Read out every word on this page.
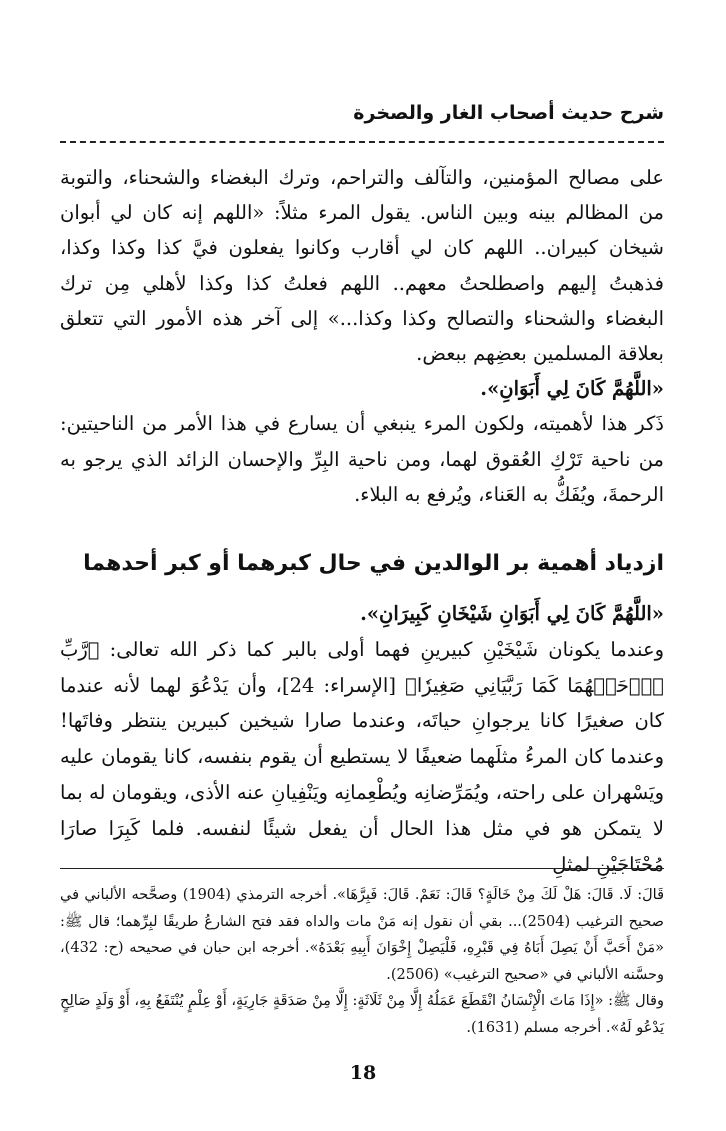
شرح حديث أصحاب الغار والصخرة

على مصالح المؤمنين، والتآلف والتراحم، وترك البغضاء والشحناء، والتوبة من المظالم بينه وبين الناس. يقول المرء مثلاً: «اللهم إنه كان لي أبوان شيخان كبيران.. اللهم كان لي أقارب وكانوا يفعلون فيَّ كذا وكذا وكذا، فذهبتُ إليهم واصطلحتُ معهم.. اللهم فعلتُ كذا وكذا لأهلي مِن ترك البغضاء والشحناء والتصالح وكذا وكذا...» إلى آخر هذه الأمور التي تتعلق بعلاقة المسلمين بعضِهم ببعض.

«اللَّهُمَّ كَانَ لِي أَبَوَانِ».

ذَكر هذا لأهميته، ولكون المرء ينبغي أن يسارع في هذا الأمر من الناحيتين: من ناحية تَرْكِ العُقوق لهما، ومن ناحية البِرِّ والإحسان الزائد الذي يرجو به الرحمةَ، ويُفَكُّ به العَناء، ويُرفع به البلاء.

ازدياد أهمية بر الوالدين في حال كبرهما أو كبر أحدهما

«اللَّهُمَّ كَانَ لِي أَبَوَانِ شَيْخَانِ كَبِيرَانِ».

وعندما يكونان شَيْخَيْنِ كبيرينِ فهما أولى بالبر كما ذكر الله تعالى: ﴿رَّبِّ ٱرۡحَمۡهُمَا كَمَا رَبَّيَانِي صَغِيرٗا﴾ [الإسراء: 24]، وأن يَدْعُوَ لهما لأنه عندما كان صغيرًا كانا يرجوانِ حياتَه، وعندما صارا شيخين كبيرين ينتظر وفاتَها! وعندما كان المرءُ مثلَهما ضعيفًا لا يستطيع أن يقوم بنفسه، كانا يقومان عليه ويَسْهران على راحته، ويُمَرِّضانِه ويُطْعِمانِه ويَنْفِيانِ عنه الأذى، ويقومان له بما لا يتمكن هو في مثل هذا الحال أن يفعل شيئًا لنفسه. فلما كَبِرَا صارَا مُحْتَاجَيْنِ لمثلِ

قَالَ: لَا. قَالَ: هَلْ لَكَ مِنْ خَالَةٍ؟ قَالَ: نَعَمْ. قَالَ: فَبِرَّهَا». أخرجه الترمذي (1904) وصحَّحه الألباني في صحيح الترغيب (2504)... بقي أن نقول إنه مَنْ مات والداه فقد فتح الشارعُ طريقًا لبِرِّهما؛ قال ﷺ: «مَنْ أَحَبَّ أَنْ يَصِلَ أَبَاهُ فِي قَبْرِهِ، فَلْيَصِلْ إِخْوَانَ أَبِيهِ بَعْدَهُ». أخرجه ابن حبان في صحيحه (ح: 432)، وحسَّنه الألباني في «صحيح الترغيب» (2506).

وقال ﷺ: «إِذَا مَاتَ الْإِنْسَانُ انْقَطَعَ عَمَلُهُ إِلَّا مِنْ ثَلَاثَةٍ: إِلَّا مِنْ صَدَقَةٍ جَارِيَةٍ، أَوْ عِلْمٍ يُنْتَفَعُ بِهِ، أَوْ وَلَدٍ صَالِحٍ يَدْعُو لَهُ». أخرجه مسلم (1631).

18
